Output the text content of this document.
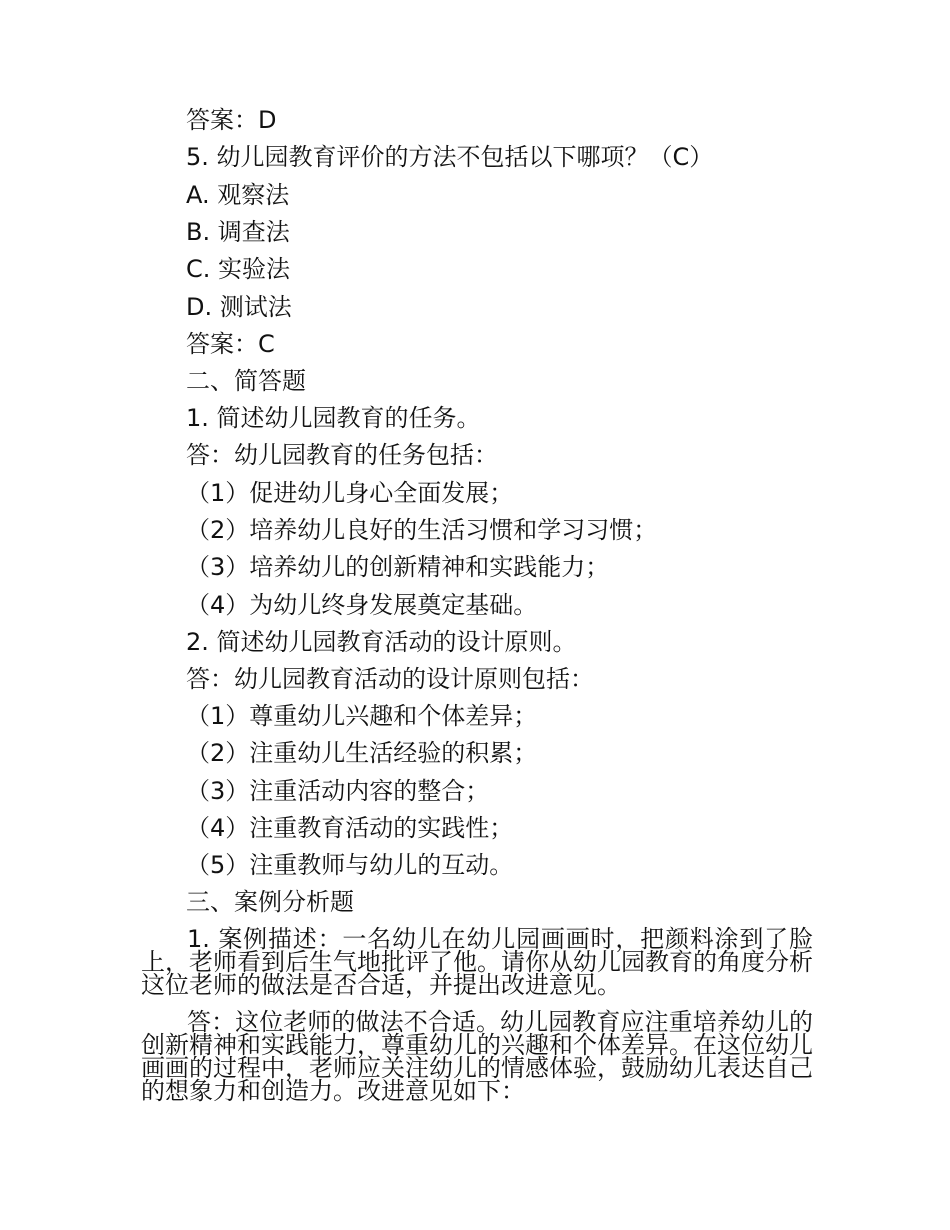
答案：D
5. 幼儿园教育评价的方法不包括以下哪项？（C）
A. 观察法
B. 调查法
C. 实验法
D. 测试法
答案：C
二、简答题
1. 简述幼儿园教育的任务。
答：幼儿园教育的任务包括：
（1）促进幼儿身心全面发展；
（2）培养幼儿良好的生活习惯和学习习惯；
（3）培养幼儿的创新精神和实践能力；
（4）为幼儿终身发展奠定基础。
2. 简述幼儿园教育活动的设计原则。
答：幼儿园教育活动的设计原则包括：
（1）尊重幼儿兴趣和个体差异；
（2）注重幼儿生活经验的积累；
（3）注重活动内容的整合；
（4）注重教育活动的实践性；
（5）注重教师与幼儿的互动。
三、案例分析题
1. 案例描述：一名幼儿在幼儿园画画时，把颜料涂到了脸上，老师看到后生气地批评了他。请你从幼儿园教育的角度分析这位老师的做法是否合适，并提出改进意见。
答：这位老师的做法不合适。幼儿园教育应注重培养幼儿的创新精神和实践能力，尊重幼儿的兴趣和个体差异。在这位幼儿画画的过程中，老师应关注幼儿的情感体验，鼓励幼儿表达自己的想象力和创造力。改进意见如下：
